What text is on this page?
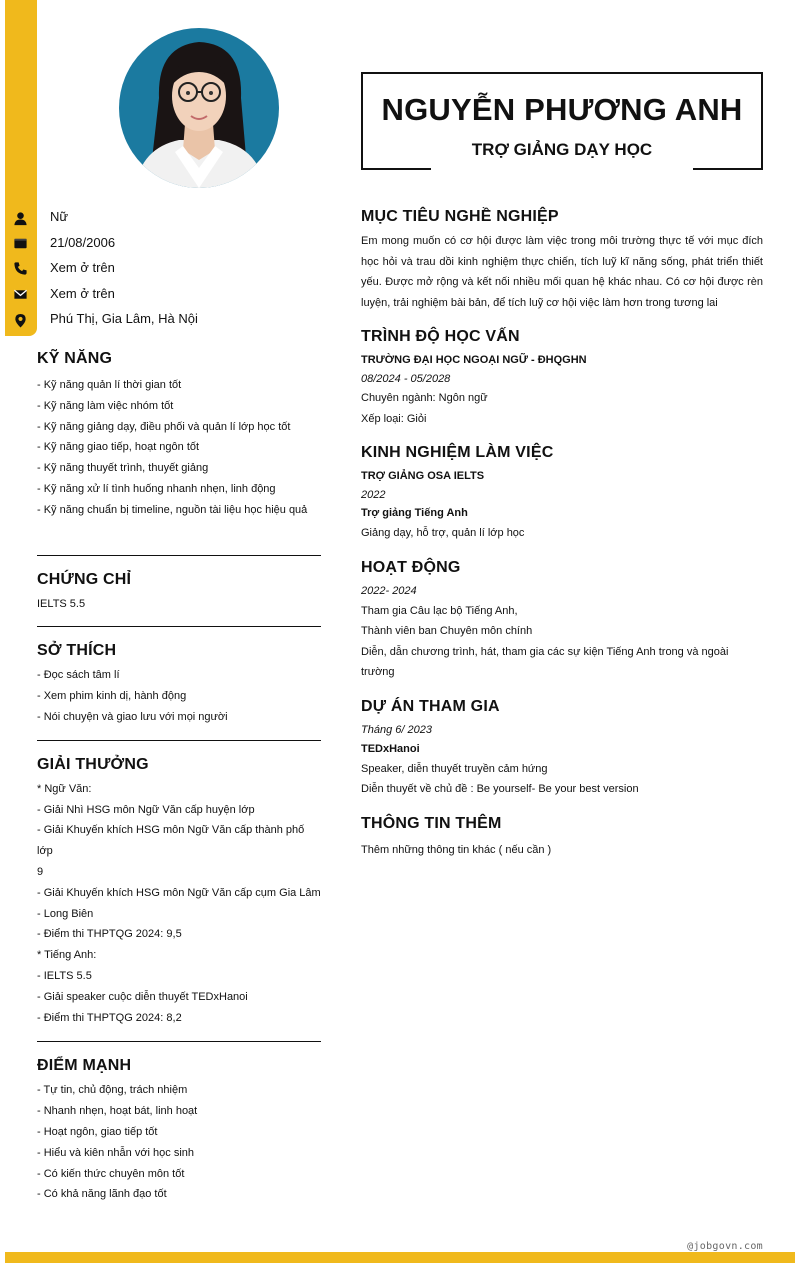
Nữ
21/08/2006
Xem ở trên
Xem ở trên
Phú Thị, Gia Lâm, Hà Nội
KỸ NĂNG
- Kỹ năng quản lí thời gian tốt
- Kỹ năng làm việc nhóm tốt
- Kỹ năng giảng dạy, điều phối và quản lí lớp học tốt
- Kỹ năng giao tiếp, hoạt ngôn tốt
- Kỹ năng thuyết trình, thuyết giảng
- Kỹ năng xử lí tình huống nhanh nhẹn, linh động
- Kỹ năng chuẩn bị timeline, nguồn tài liệu học hiệu quả
CHỨNG CHỈ
IELTS 5.5
SỞ THÍCH
- Đọc sách tâm lí
- Xem phim kinh dị, hành động
- Nói chuyện và giao lưu với mọi người
GIẢI THƯỞNG
* Ngữ Văn:
- Giải Nhì HSG môn Ngữ Văn cấp huyện lớp
- Giải Khuyến khích HSG môn Ngữ Văn cấp thành phố lớp
9
- Giải Khuyến khích HSG môn Ngữ Văn cấp cụm Gia Lâm
- Long Biên
- Điểm thi THPTQG 2024: 9,5
* Tiếng Anh:
- IELTS 5.5
- Giải speaker cuộc diễn thuyết TEDxHanoi
- Điểm thi THPTQG 2024: 8,2
ĐIỂM MẠNH
- Tự tin, chủ động, trách nhiệm
- Nhanh nhẹn, hoạt bát, linh hoạt
- Hoạt ngôn, giao tiếp tốt
- Hiểu và kiên nhẫn với học sinh
- Có kiến thức chuyên môn tốt
- Có khả năng lãnh đạo tốt
NGUYỄN PHƯƠNG ANH
TRỢ GIẢNG DẠY HỌC
MỤC TIÊU NGHỀ NGHIỆP
Em mong muốn có cơ hội được làm việc trong môi trường thực tế với mục đích học hỏi và trau dồi kinh nghiệm thực chiến, tích luỹ kĩ năng sống, phát triển thiết yếu. Được mở rộng và kết nối nhiều mối quan hệ khác nhau. Có cơ hội được rèn luyện, trải nghiệm bài bản, để tích luỹ cơ hội việc làm hơn trong tương lai
TRÌNH ĐỘ HỌC VẤN
TRƯỜNG ĐẠI HỌC NGOẠI NGỮ - ĐHQGHN
08/2024 - 05/2028
Chuyên ngành: Ngôn ngữ
Xếp loại: Giỏi
KINH NGHIỆM LÀM VIỆC
TRỢ GIẢNG OSA IELTS
2022
Trợ giảng Tiếng Anh
Giảng dạy, hỗ trợ, quản lí lớp học
HOẠT ĐỘNG
2022- 2024
Tham gia Câu lạc bộ Tiếng Anh,
Thành viên ban Chuyên môn chính
Diễn, dẫn chương trình, hát, tham gia các sự kiện Tiếng Anh trong và ngoài trường
DỰ ÁN THAM GIA
Tháng 6/ 2023
TEDxHanoi
Speaker, diễn thuyết truyền cảm hứng
Diễn thuyết về chủ đề : Be yourself- Be your best version
THÔNG TIN THÊM
Thêm những thông tin khác ( nếu cần )
@jobgovn.com
